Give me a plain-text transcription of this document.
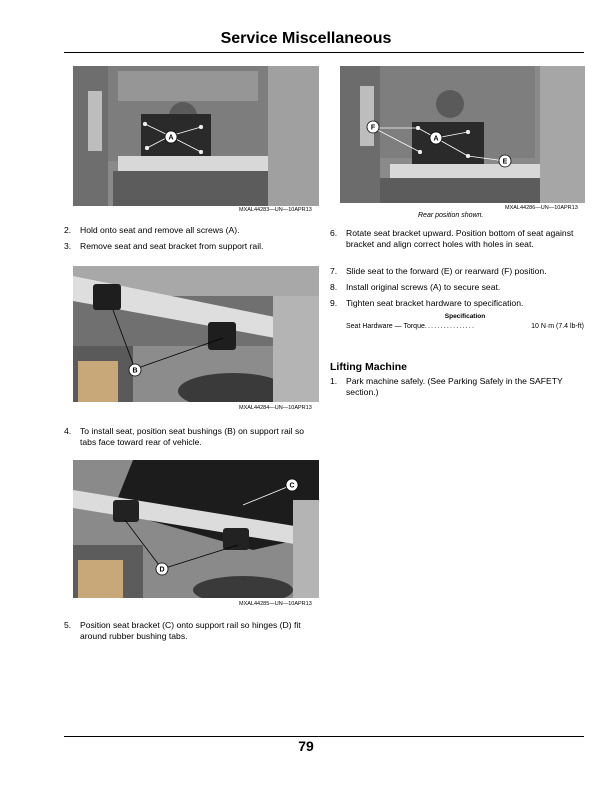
Service Miscellaneous
A
MXAL44283—UN—10APR13
F
A
E
MXAL44286—UN—10APR13
Rear position shown.
2. Hold onto seat and remove all screws (A).
3. Remove seat and seat bracket from support rail.
B
MXAL44284—UN—10APR13
4. To install seat, position seat bushings (B) on support rail so tabs face toward rear of vehicle.
C
D
MXAL44285—UN—10APR13
5. Position seat bracket (C) onto support rail so hinges (D) fit around rubber bushing tabs.
6. Rotate seat bracket upward. Position bottom of seat against bracket and align correct holes with holes in seat.
7. Slide seat to the forward (E) or rearward (F) position.
8. Install original screws (A) to secure seat.
9. Tighten seat bracket hardware to specification.
Specification
Seat Hardware — Torque................	10 N·m (7.4 lb-ft)
Lifting Machine
1. Park machine safely. (See Parking Safely in the SAFETY section.)
79
